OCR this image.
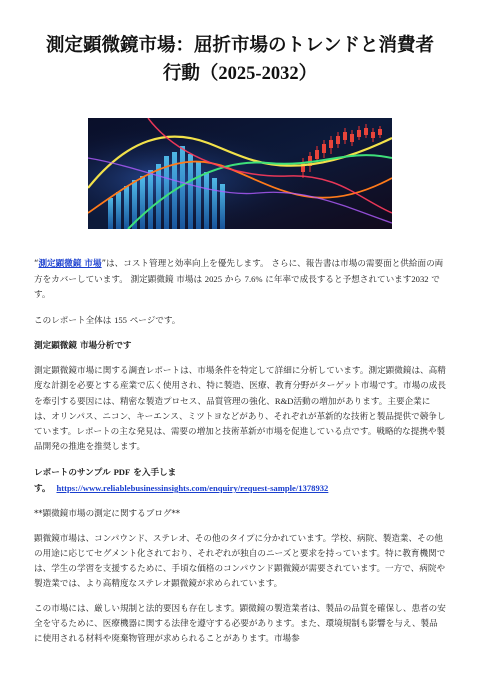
測定顕微鏡市場：屈折市場のトレンドと消費者
行動（2025-2032）

“測定顕微鏡 市場”は、コスト管理と効率向上を優先します。 さらに、報告書は市場の需要面と供給面の両方をカバーしています。 測定顕微鏡 市場は 2025 から 7.6% に年率で成長すると予想されています2032 です。

このレポート全体は 155 ページです。

測定顕微鏡 市場分析です

測定顕微鏡市場に関する調査レポートは、市場条件を特定して詳細に分析しています。測定顕微鏡は、高精度な計測を必要とする産業で広く使用され、特に製造、医療、教育分野がターゲット市場です。市場の成長を牽引する要因には、精密な製造プロセス、品質管理の強化、R&D活動の増加があります。主要企業には、オリンパス、ニコン、キーエンス、ミツトヨなどがあり、それぞれが革新的な技術と製品提供で競争しています。レポートの主な発見は、需要の増加と技術革新が市場を促進している点です。戦略的な提携や製品開発の推進を推奨します。

レポートのサンプル PDF を入手しま
す。 https://www.reliablebusinessinsights.com/enquiry/request-sample/1378932

**顕微鏡市場の測定に関するブログ**

顕微鏡市場は、コンパウンド、ステレオ、その他のタイプに分かれています。学校、病院、製造業、その他の用途に応じてセグメント化されており、それぞれが独自のニーズと要求を持っています。特に教育機関では、学生の学習を支援するために、手頃な価格のコンパウンド顕微鏡が需要されています。一方で、病院や製造業では、より高精度なステレオ顕微鏡が求められています。

この市場には、厳しい規制と法的要因も存在します。顕微鏡の製造業者は、製品の品質を確保し、患者の安全を守るために、医療機器に関する法律を遵守する必要があります。また、環境規制も影響を与え、製品に使用される材料や廃棄物管理が求められることがあります。市場参
